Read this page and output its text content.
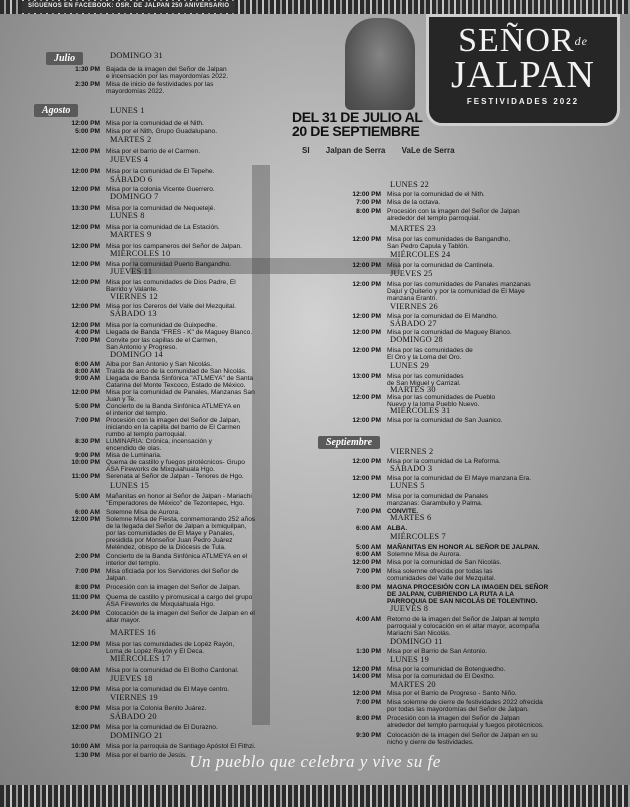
SÍGUENOS EN FACEBOOK: OSR. DE JALPAN 250 ANIVERSARIO
$SEÑOR^{de}$
JALPAN
FESTIVIDADES 2022
DEL 31 DE JULIO AL 20 DE SEPTIEMBRE
SI Jalpan de Serra VaLe de Serra
Julio
Agosto
Septiembre
DOMINGO 31
1:30 PM Bajada de la imagen del Señor de Jalpan
e incensación por las mayordomías 2022.
2:30 PM Misa de inicio de festividades por las
mayordomías 2022.
LUNES 1
12:00 PM Misa por la comunidad de el Nith.
5:00 PM Misa por el Nith, Grupo Guadalupano.
MARTES 2
12:00 PM Misa por el barrio de el Carmen.
JUEVES 4
12:00 PM Misa por la comunidad de El Tepehe.
SÁBADO 6
12:00 PM Misa por la colonia Vicente Guerrero.
DOMINGO 7
13:30 PM Misa por la comunidad de Nequetejé.
LUNES 8
12:00 PM Misa por la comunidad de La Estación.
MARTES 9
12:00 PM Misa por los campaneros del Señor de Jalpan.
MIÉRCOLES 10
12:00 PM Misa por la comunidad Puerto Bangandho.
JUEVES 11
12:00 PM Misa por las comunidades de Dios Padre, El
Barrido y Valante.
VIERNES 12
12:00 PM Misa por los Cereros del Valle del Mezquital.
SÁBADO 13
12:00 PM Misa por la comunidad de Guixpedhe.
4:00 PM Llegada de Banda "FRES - K" de Maguey Blanco.
7:00 PM Convite por las capillas de el Carmen,
San Antonio y Progreso.
DOMINGO 14
6:00 AM Alba por San Antonio y San Nicolás.
8:00 AM Traída de arco de la comunidad de San Nicolás.
9:00 AM Llegada de Banda Sinfónica "ATLMEYA" de Santa
Catarina del Monte Texcoco, Estado de México.
12:00 PM Misa por la comunidad de Panales, Manzanas San
Juan y Te.
5:00 PM Concierto de la Banda Sinfónica ATLMEYA en
el interior del templo.
7:00 PM Procesión con la imagen del Señor de Jalpan,
iniciando en la capilla del barrio de El Carmen
rumbo al templo parroquial.
8:30 PM LUMINARIA: Crónica, incensación y
encendido de olas.
9:00 PM Misa de Luminaria.
10:00 PM Quema de castillo y fuegos pirotécnicos- Grupo
ASA Fireworks de Mixquiahuala Hgo.
11:00 PM Serenata al Señor de Jalpan - Tenores de Hgo.
LUNES 15
5:00 AM Mañanitas en honor al Señor de Jalpan - Mariachi
"Emperadores de México" de Tezontepec, Hgo.
6:00 AM Solemne Misa de Aurora.
12:00 PM Solemne Misa de Fiesta, conmemorando 252 años
de la llegada del Señor de Jalpan a Ixmiquilpan,
por las comunidades de El Maye y Panales,
presidida por Monseñor Juan Pedro Juárez
Meléndez, obispo de la Diócesis de Tula.
2:00 PM Concierto de la Banda Sinfónica ATLMEYA en el
interior del templo.
7:00 PM Misa oficiada por los Servidores del Señor de
Jalpan.
8:00 PM Procesión con la imagen del Señor de Jalpan.
11:00 PM Quema de castillo y piromusical a cargo del grupo
ASA Fireworks de Mixquiahuala Hgo.
24:00 PM Colocación de la imagen del Señor de Jalpan en el
altar mayor.
MARTES 16
12:00 PM Misa por las comunidades de Lopéz Rayón,
Loma de Lopéz Rayón y El Deca.
MIÉRCOLES 17
08:00 AM Misa por la comunidad de El Botho Cardonal.
JUEVES 18
12:00 PM Misa por la comunidad de El Maye centro.
VIERNES 19
6:00 PM Misa por la Colonia Benito Juárez.
SÁBADO 20
12:00 PM Misa por la comunidad de El Durazno.
DOMINGO 21
10:00 AM Misa por la parroquia de Santiago Apóstol El Fithzi.
1:30 PM Misa por el barrio de Jesús.
LUNES 22
12:00 PM Misa por la comunidad de el Nith.
7:00 PM Misa de la octava.
8:00 PM Procesión con la imagen del Señor de Jalpan
alrededor del templo parroquial.
MARTES 23
12:00 PM Misa por las comunidades de Bangandho,
San Pedro Capula y Tablón.
MIÉRCOLES 24
12:00 PM Misa por la comunidad de Cantinela.
JUEVES 25
12:00 PM Misa por las comunidades de Panales manzanas
Dajuí y Quiterio y por la comunidad de El Maye
manzana Erantri.
VIERNES 26
12:00 PM Misa por la comunidad de El Mandho.
SÁBADO 27
12:00 PM Misa por la comunidad de Maguey Blanco.
DOMINGO 28
12:00 PM Misa por las comunidades de
El Oro y la Loma del Oro.
LUNES 29
13:00 PM Misa por las comunidades
de San Miguel y Carrizal.
MARTES 30
12:00 PM Misa por las comunidades de Pueblo
Nuevo y la loma Pueblo Nuevo.
MIÉRCOLES 31
12:00 PM Misa por la comunidad de San Juanico.
VIERNES 2
12:00 PM Misa por la comunidad de La Reforma.
SÁBADO 3
12:00 PM Misa por la comunidad de El Maye manzana Era.
LUNES 5
12:00 PM Misa por la comunidad de Panales
manzanas: Garambullo y Palma.
7:00 PM CONVITE.
MARTES 6
6:00 AM ALBA.
MIÉRCOLES 7
5:00 AM MAÑANITAS EN HONOR AL SEÑOR DE JALPAN.
6:00 AM Solemne Misa de Aurora.
12:00 PM Misa por la comunidad de San Nicolás.
7:00 PM Misa solemne ofrecida por todas las
comunidades del Valle del Mezquital.
8:00 PM MAGNA PROCESIÓN CON LA IMAGEN DEL SEÑOR
DE JALPAN, CUBRIENDO LA RUTA A LA
PARROQUIA DE SAN NICOLÁS DE TOLENTINO.
JUEVES 8
4:00 AM Retorno de la imagen del Señor de Jalpan al templo
parroquial y colocación en el altar mayor, acompaña
Mariachi San Nicolás.
DOMINGO 11
1:30 PM Misa por el Barrio de San Antonio.
LUNES 19
12:00 PM Misa por la comunidad de Botenguedho.
14:00 PM Misa por la comunidad de El Dextho.
MARTES 20
12:00 PM Misa por el Barrio de Progreso - Santo Niño.
7:00 PM Misa solemne de cierre de festividades 2022 ofrecida
por todas las mayordomías del Señor de Jalpan.
8:00 PM Procesión con la imagen del Señor de Jalpan
alrededor del templo parroquial y fuegos pirotécnicos.
9:30 PM Colocación de la imagen del Señor de Jalpan en su
nicho y cierre de festividades.
Un pueblo que celebra y vive su fe
